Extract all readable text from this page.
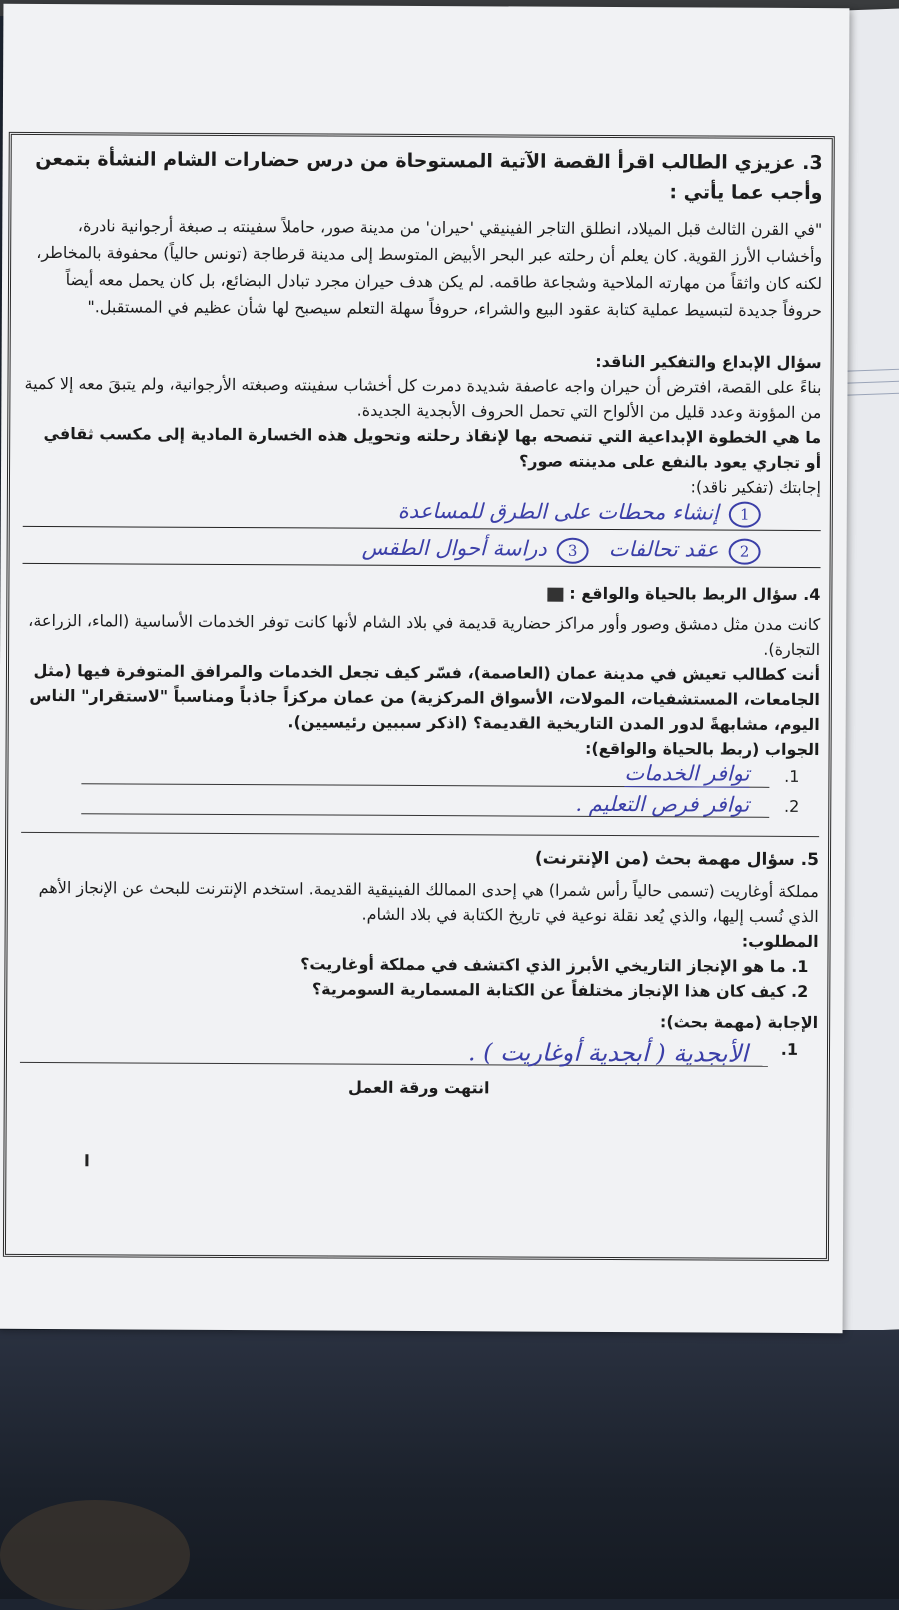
3. عزيزي الطالب اقرأ القصة الآتية المستوحاة من درس حضارات الشام النشأة بتمعن وأجب عما يأتي :

"في القرن الثالث قبل الميلاد، انطلق التاجر الفينيقي 'حيران' من مدينة صور، حاملاً سفينته بـ صبغة أرجوانية نادرة، وأخشاب الأرز القوية. كان يعلم أن رحلته عبر البحر الأبيض المتوسط إلى مدينة قرطاجة (تونس حالياً) محفوفة بالمخاطر، لكنه كان واثقاً من مهارته الملاحية وشجاعة طاقمه. لم يكن هدف حيران مجرد تبادل البضائع، بل كان يحمل معه أيضاً حروفاً جديدة لتبسيط عملية كتابة عقود البيع والشراء، حروفاً سهلة التعلم سيصبح لها شأن عظيم في المستقبل."

سؤال الإبداع والتفكير الناقد:

بناءً على القصة، افترض أن حيران واجه عاصفة شديدة دمرت كل أخشاب سفينته وصبغته الأرجوانية، ولم يتبقَ معه إلا كمية من المؤونة وعدد قليل من الألواح التي تحمل الحروف الأبجدية الجديدة.

ما هي الخطوة الإبداعية التي تنصحه بها لإنقاذ رحلته وتحويل هذه الخسارة المادية إلى مكسب ثقافي أو تجاري يعود بالنفع على مدينته صور؟

إجابتك (تفكير ناقد):

1إنشاء محطات على الطرق للمساعدة
2عقد تحالفات   3دراسة أحوال الطقس

4. سؤال الربط بالحياة والواقع :

كانت مدن مثل دمشق وصور وأور مراكز حضارية قديمة في بلاد الشام لأنها كانت توفر الخدمات الأساسية (الماء، الزراعة، التجارة).

أنت كطالب تعيش في مدينة عمان (العاصمة)، فسّر كيف تجعل الخدمات والمرافق المتوفرة فيها (مثل الجامعات، المستشفيات، المولات، الأسواق المركزية) من عمان مركزاً جاذباً ومناسباً "لاستقرار" الناس اليوم، مشابهةً لدور المدن التاريخية القديمة؟ (اذكر سببين رئيسيين).

الجواب (ربط بالحياة والواقع):

1.
توافر الخدمات
2.
توافر فرص التعليم .

5. سؤال مهمة بحث (من الإنترنت)

مملكة أوغاريت (تسمى حالياً رأس شمرا) هي إحدى الممالك الفينيقية القديمة. استخدم الإنترنت للبحث عن الإنجاز الأهم الذي نُسب إليها، والذي يُعد نقلة نوعية في تاريخ الكتابة في بلاد الشام.

المطلوب:

1. ما هو الإنجاز التاريخي الأبرز الذي اكتشف في مملكة أوغاريت؟

2. كيف كان هذا الإنجاز مختلفاً عن الكتابة المسمارية السومرية؟

الإجابة (مهمة بحث):

1.
الأبجدية ( أبجدية أوغاريت ) .

انتهت ورقة العمل
